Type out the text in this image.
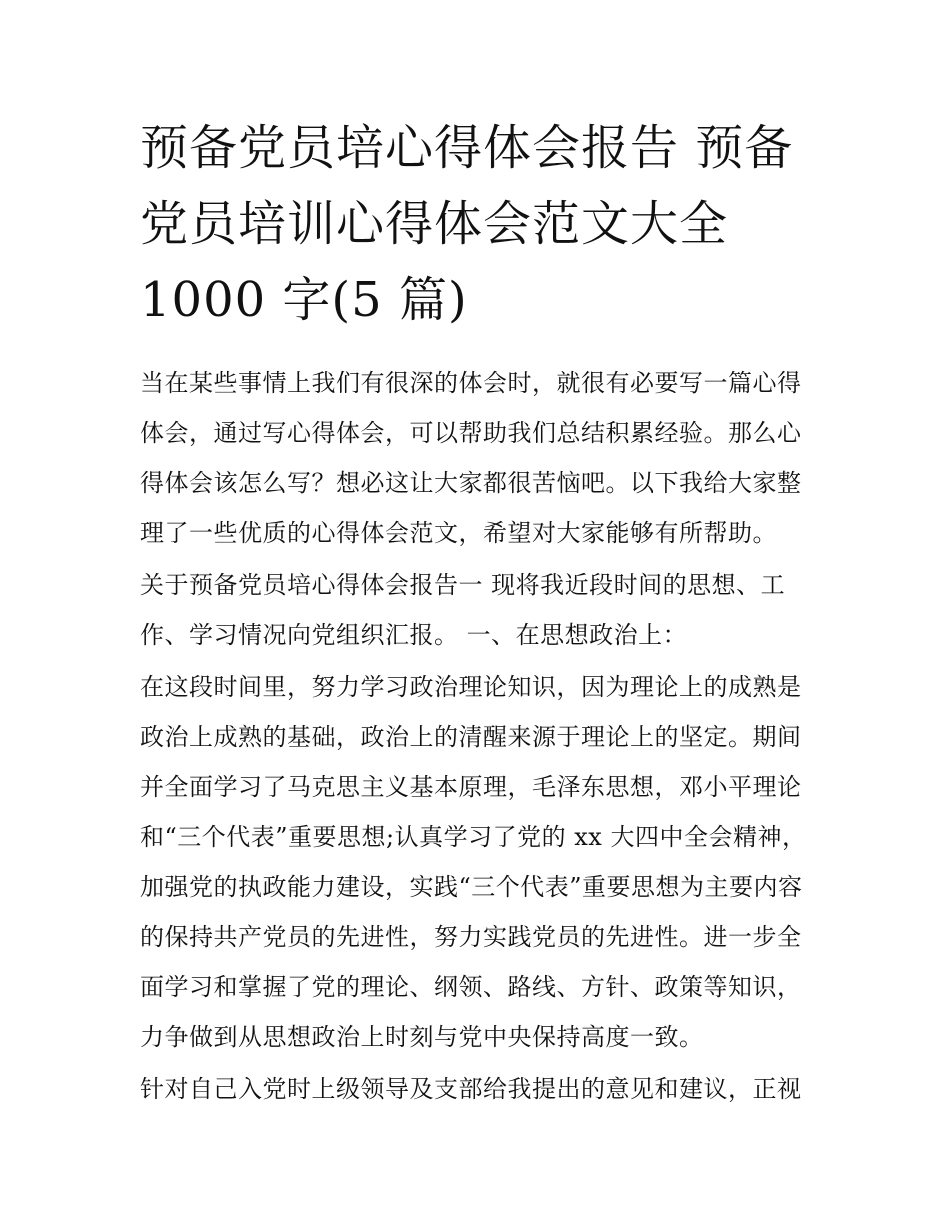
预备党员培心得体会报告 预备党员培训心得体会范文大全 1000 字(5 篇)

当在某些事情上我们有很深的体会时，就很有必要写一篇心得体会，通过写心得体会，可以帮助我们总结积累经验。那么心得体会该怎么写？想必这让大家都很苦恼吧。以下我给大家整理了一些优质的心得体会范文，希望对大家能够有所帮助。

关于预备党员培心得体会报告一 现将我近段时间的思想、工作、学习情况向党组织汇报。 一、在思想政治上：

在这段时间里，努力学习政治理论知识，因为理论上的成熟是政治上成熟的基础，政治上的清醒来源于理论上的坚定。期间并全面学习了马克思主义基本原理，毛泽东思想，邓小平理论和“三个代表”重要思想;认真学习了党的 xx 大四中全会精神，加强党的执政能力建设，实践“三个代表”重要思想为主要内容的保持共产党员的先进性，努力实践党员的先进性。进一步全面学习和掌握了党的理论、纲领、路线、方针、政策等知识，力争做到从思想政治上时刻与党中央保持高度一致。

针对自己入党时上级领导及支部给我提出的意见和建议，正视
